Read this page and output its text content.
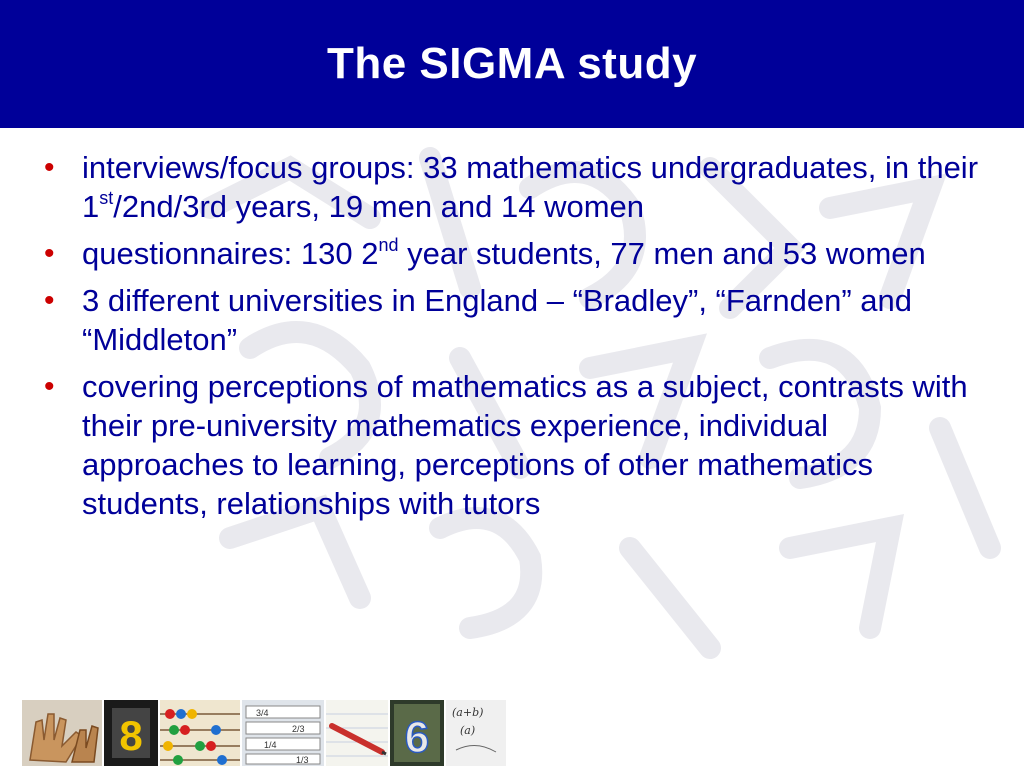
The SIGMA study
• interviews/focus groups: 33 mathematics undergraduates, in their 1st/2nd/3rd years, 19 men and 14 women
• questionnaires: 130 2nd year students, 77 men and 53 women
• 3 different universities in England – “Bradley”, “Farnden” and “Middleton”
• covering perceptions of mathematics as a subject, contrasts with their pre-university mathematics experience, individual approaches to learning, perceptions of other mathematics students, relationships with tutors
8	3/4
2/3
1/4
1/3 6
(a+b)
(a)
